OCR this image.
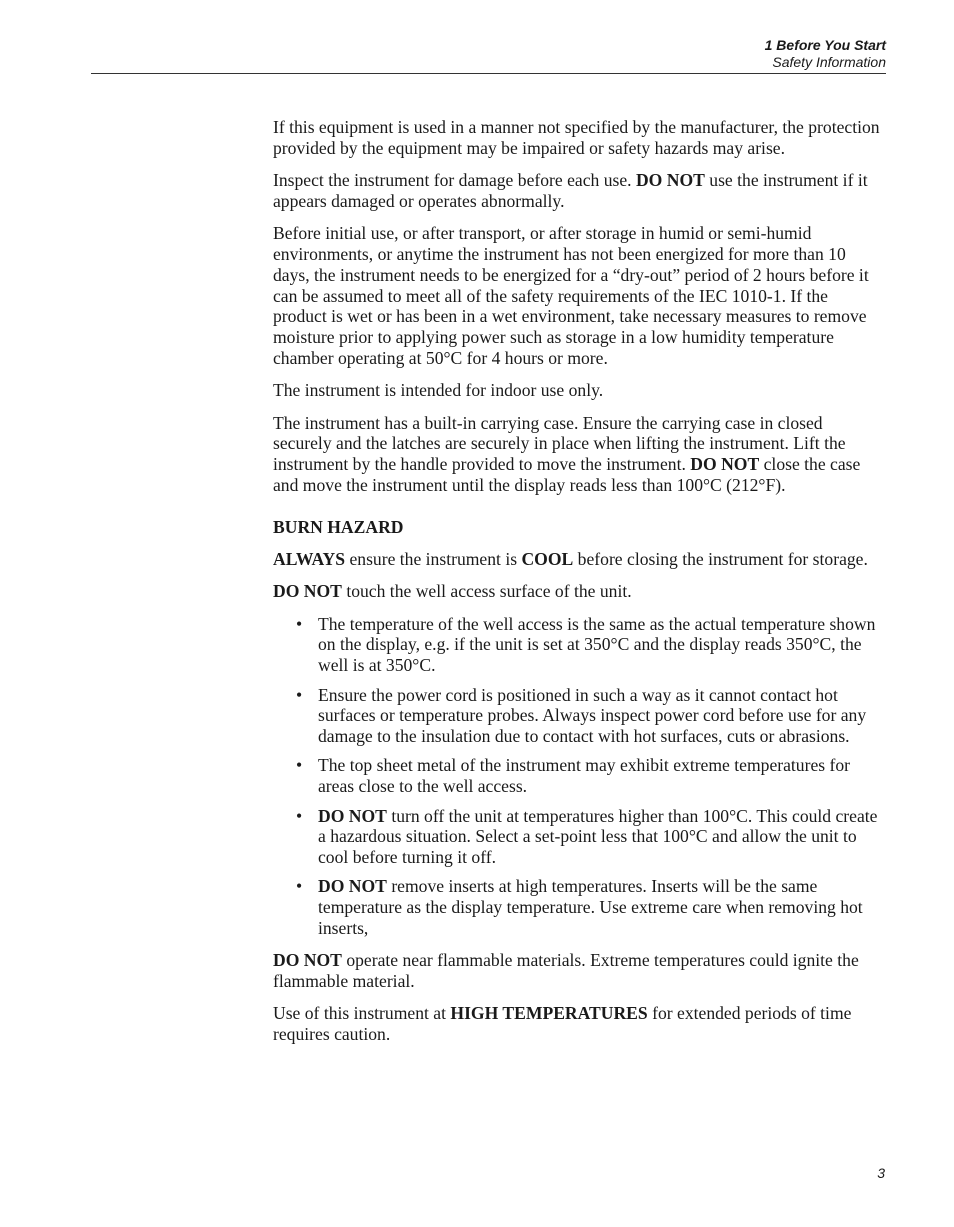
1 Before You Start
Safety Information

If this equipment is used in a manner not specified by the manufacturer, the protection provided by the equipment may be impaired or safety hazards may arise.

Inspect the instrument for damage before each use. DO NOT use the instrument if it appears damaged or operates abnormally.

Before initial use, or after transport, or after storage in humid or semi-humid environments, or anytime the instrument has not been energized for more than 10 days, the instrument needs to be energized for a “dry-out” period of 2 hours before it can be assumed to meet all of the safety requirements of the IEC 1010-1. If the product is wet or has been in a wet environment, take necessary measures to remove moisture prior to applying power such as storage in a low humidity temperature chamber operating at 50°C for 4 hours or more.

The instrument is intended for indoor use only.

The instrument has a built-in carrying case. Ensure the carrying case in closed securely and the latches are securely in place when lifting the instrument. Lift the instrument by the handle provided to move the instrument. DO NOT close the case and move the instrument until the display reads less than 100°C (212°F).

BURN HAZARD

ALWAYS ensure the instrument is COOL before closing the instrument for storage.

DO NOT touch the well access surface of the unit.

• The temperature of the well access is the same as the actual temperature shown on the display, e.g. if the unit is set at 350°C and the display reads 350°C, the well is at 350°C.
• Ensure the power cord is positioned in such a way as it cannot contact hot surfaces or temperature probes. Always inspect power cord before use for any damage to the insulation due to contact with hot surfaces, cuts or abrasions.
• The top sheet metal of the instrument may exhibit extreme temperatures for areas close to the well access.
• DO NOT turn off the unit at temperatures higher than 100°C. This could create a hazardous situation. Select a set-point less that 100°C and allow the unit to cool before turning it off.
• DO NOT remove inserts at high temperatures. Inserts will be the same temperature as the display temperature. Use extreme care when removing hot inserts,

DO NOT operate near flammable materials. Extreme temperatures could ignite the flammable material.

Use of this instrument at HIGH TEMPERATURES for extended periods of time requires caution.

3
